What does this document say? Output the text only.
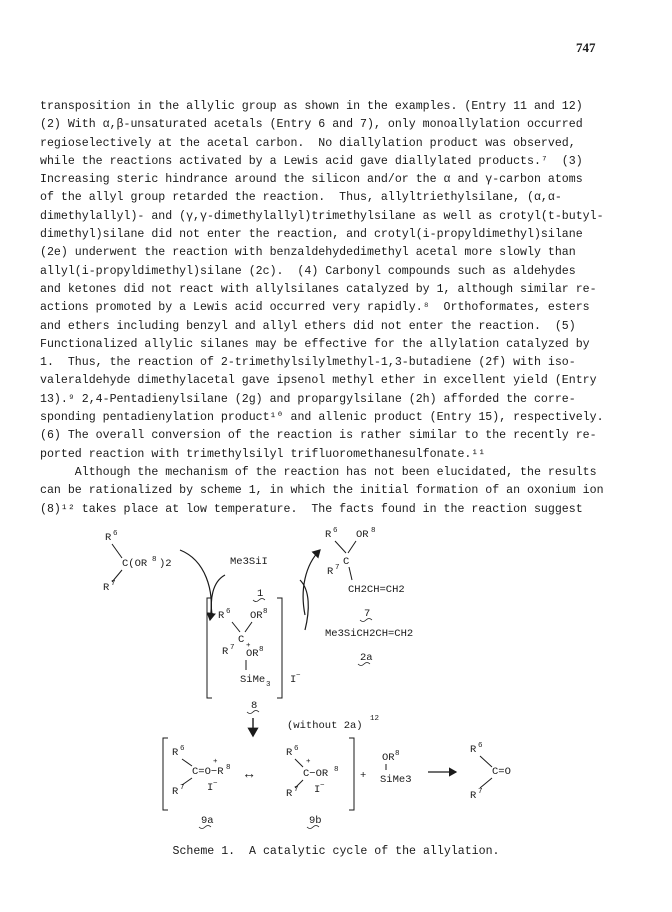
747
transposition in the allylic group as shown in the examples. (Entry 11 and 12)
(2) With α,β-unsaturated acetals (Entry 6 and 7), only monoallylation occurred
regioselectively at the acetal carbon.  No diallylation product was observed,
while the reactions activated by a Lewis acid gave diallylated products.⁷  (3)
Increasing steric hindrance around the silicon and/or the α and γ-carbon atoms
of the allyl group retarded the reaction.  Thus, allyltriethylsilane, (α,α-
dimethylallyl)- and (γ,γ-dimethylallyl)trimethylsilane as well as crotyl(t-butyl-
dimethyl)silane did not enter the reaction, and crotyl(i-propyldimethyl)silane
(2e) underwent the reaction with benzaldehydedimethyl acetal more slowly than
allyl(i-propyldimethyl)silane (2c).  (4) Carbonyl compounds such as aldehydes
and ketones did not react with allylsilanes catalyzed by 1, although similar re-
actions promoted by a Lewis acid occurred very rapidly.⁸  Orthoformates, esters
and ethers including benzyl and allyl ethers did not enter the reaction.  (5)
Functionalized allylic silanes may be effective for the allylation catalyzed by
1.  Thus, the reaction of 2-trimethylsilylmethyl-1,3-butadiene (2f) with iso-
valeraldehyde dimethylacetal gave ipsenol methyl ether in excellent yield (Entry
13).⁹ 2,4-Pentadienylsilane (2g) and propargylsilane (2h) afforded the corre-
sponding pentadienylation product¹⁰ and allenic product (Entry 15), respectively.
(6) The overall conversion of the reaction is rather similar to the recently re-
ported reaction with trimethylsilyl trifluoromethanesulfonate.¹¹
Although the mechanism of the reaction has not been elucidated, the results
can be rationalized by scheme 1, in which the initial formation of an oxonium ion
(8)¹² takes place at low temperature.  The facts found in the reaction suggest
R 6
C(OR 8 )2
R 7
Me3SiI
1
R 6 OR 8
C
R 7
CH2CH=CH2
7
Me3SiCH2CH=CH2
2a
R 6 OR 8
C
R 7 +
OR 8
SiMe 3 I −
8
(without 2a)
12
R 6
+
C=O−R 8
R 7 I −
9a
↔
R 6
+
C−OR 8
R 7 I −
9b
+
OR 8
SiMe3
R 6
C=O
R 7
Scheme 1.  A catalytic cycle of the allylation.
